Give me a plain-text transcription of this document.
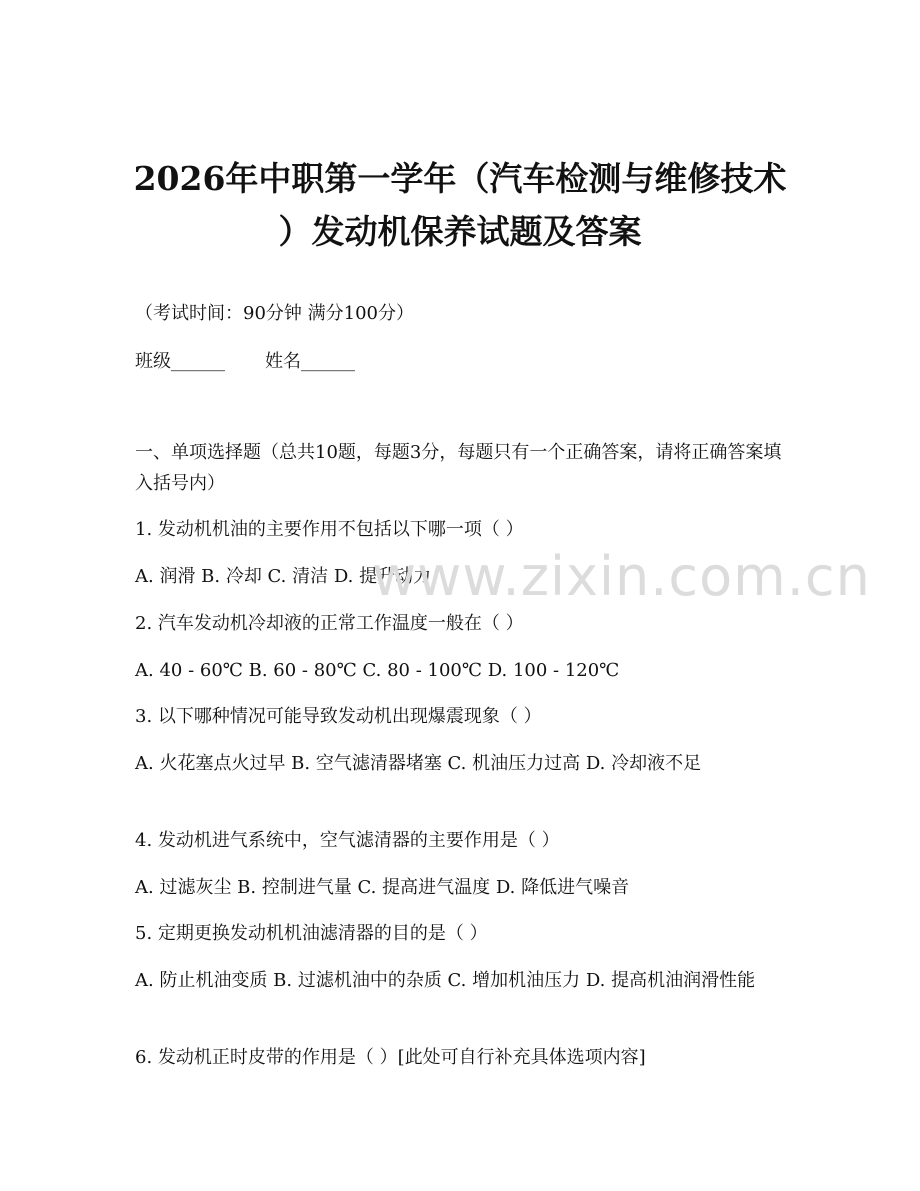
2026年中职第一学年（汽车检测与维修技术
）发动机保养试题及答案
（考试时间：90分钟 满分100分）
班级______       姓名______
一、单项选择题（总共10题，每题3分，每题只有一个正确答案，请将正确答案填入括号内）
1. 发动机机油的主要作用不包括以下哪一项（ ）
A. 润滑 B. 冷却 C. 清洁 D. 提升动力
2. 汽车发动机冷却液的正常工作温度一般在（ ）
A. 40 - 60℃ B. 60 - 80℃ C. 80 - 100℃ D. 100 - 120℃
3. 以下哪种情况可能导致发动机出现爆震现象（ ）
A. 火花塞点火过早 B. 空气滤清器堵塞 C. 机油压力过高 D. 冷却液不足
4. 发动机进气系统中，空气滤清器的主要作用是（ ）
A. 过滤灰尘 B. 控制进气量 C. 提高进气温度 D. 降低进气噪音
5. 定期更换发动机机油滤清器的目的是（ ）
A. 防止机油变质 B. 过滤机油中的杂质 C. 增加机油压力 D. 提高机油润滑性能
6. 发动机正时皮带的作用是（ ）[此处可自行补充具体选项内容]
www.zixin.com.cn
